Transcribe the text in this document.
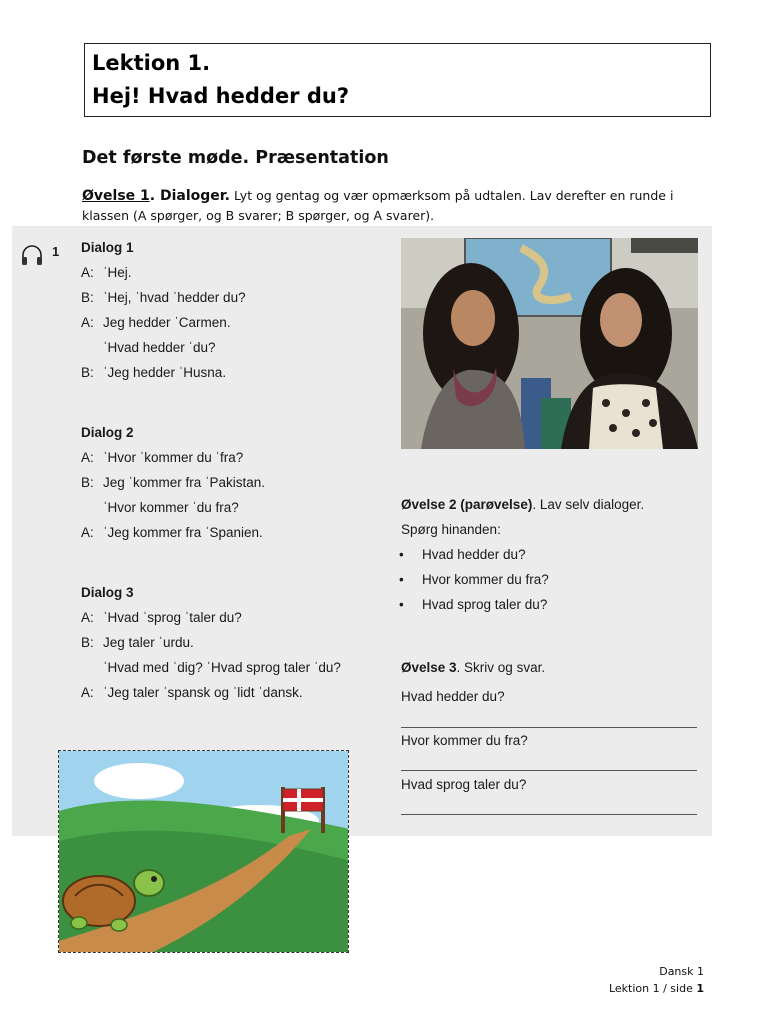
Lektion 1.
Hej! Hvad hedder du?
Det første møde. Præsentation
Øvelse 1. Dialoger. Lyt og gentag og vær opmærksom på udtalen. Lav derefter en runde i
klassen (A spørger, og B svarer; B spørger, og A svarer).
1 Dialog 1
A: ˈHej.
B: ˈHej, ˈhvad ˈhedder du?
A: Jeg hedder ˈCarmen.
ˈHvad hedder ˈdu?
B: ˈJeg hedder ˈHusna.
Dialog 2
A: ˈHvor ˈkommer du ˈfra?
B: Jeg ˈkommer fra ˈPakistan.
ˈHvor kommer ˈdu fra?
A: ˈJeg kommer fra ˈSpanien.
Dialog 3
A: ˈHvad ˈsprog ˈtaler du?
B: Jeg taler ˈurdu.
ˈHvad med ˈdig? ˈHvad sprog taler ˈdu?
A: ˈJeg taler ˈspansk og ˈlidt ˈdansk.
Øvelse 2 (parøvelse). Lav selv dialoger.
Spørg hinanden:
• Hvad hedder du?
• Hvor kommer du fra?
• Hvad sprog taler du?
Øvelse 3. Skriv og svar.
Hvad hedder du?
Hvor kommer du fra?
Hvad sprog taler du?
Dansk 1
Lektion 1 / side 1
